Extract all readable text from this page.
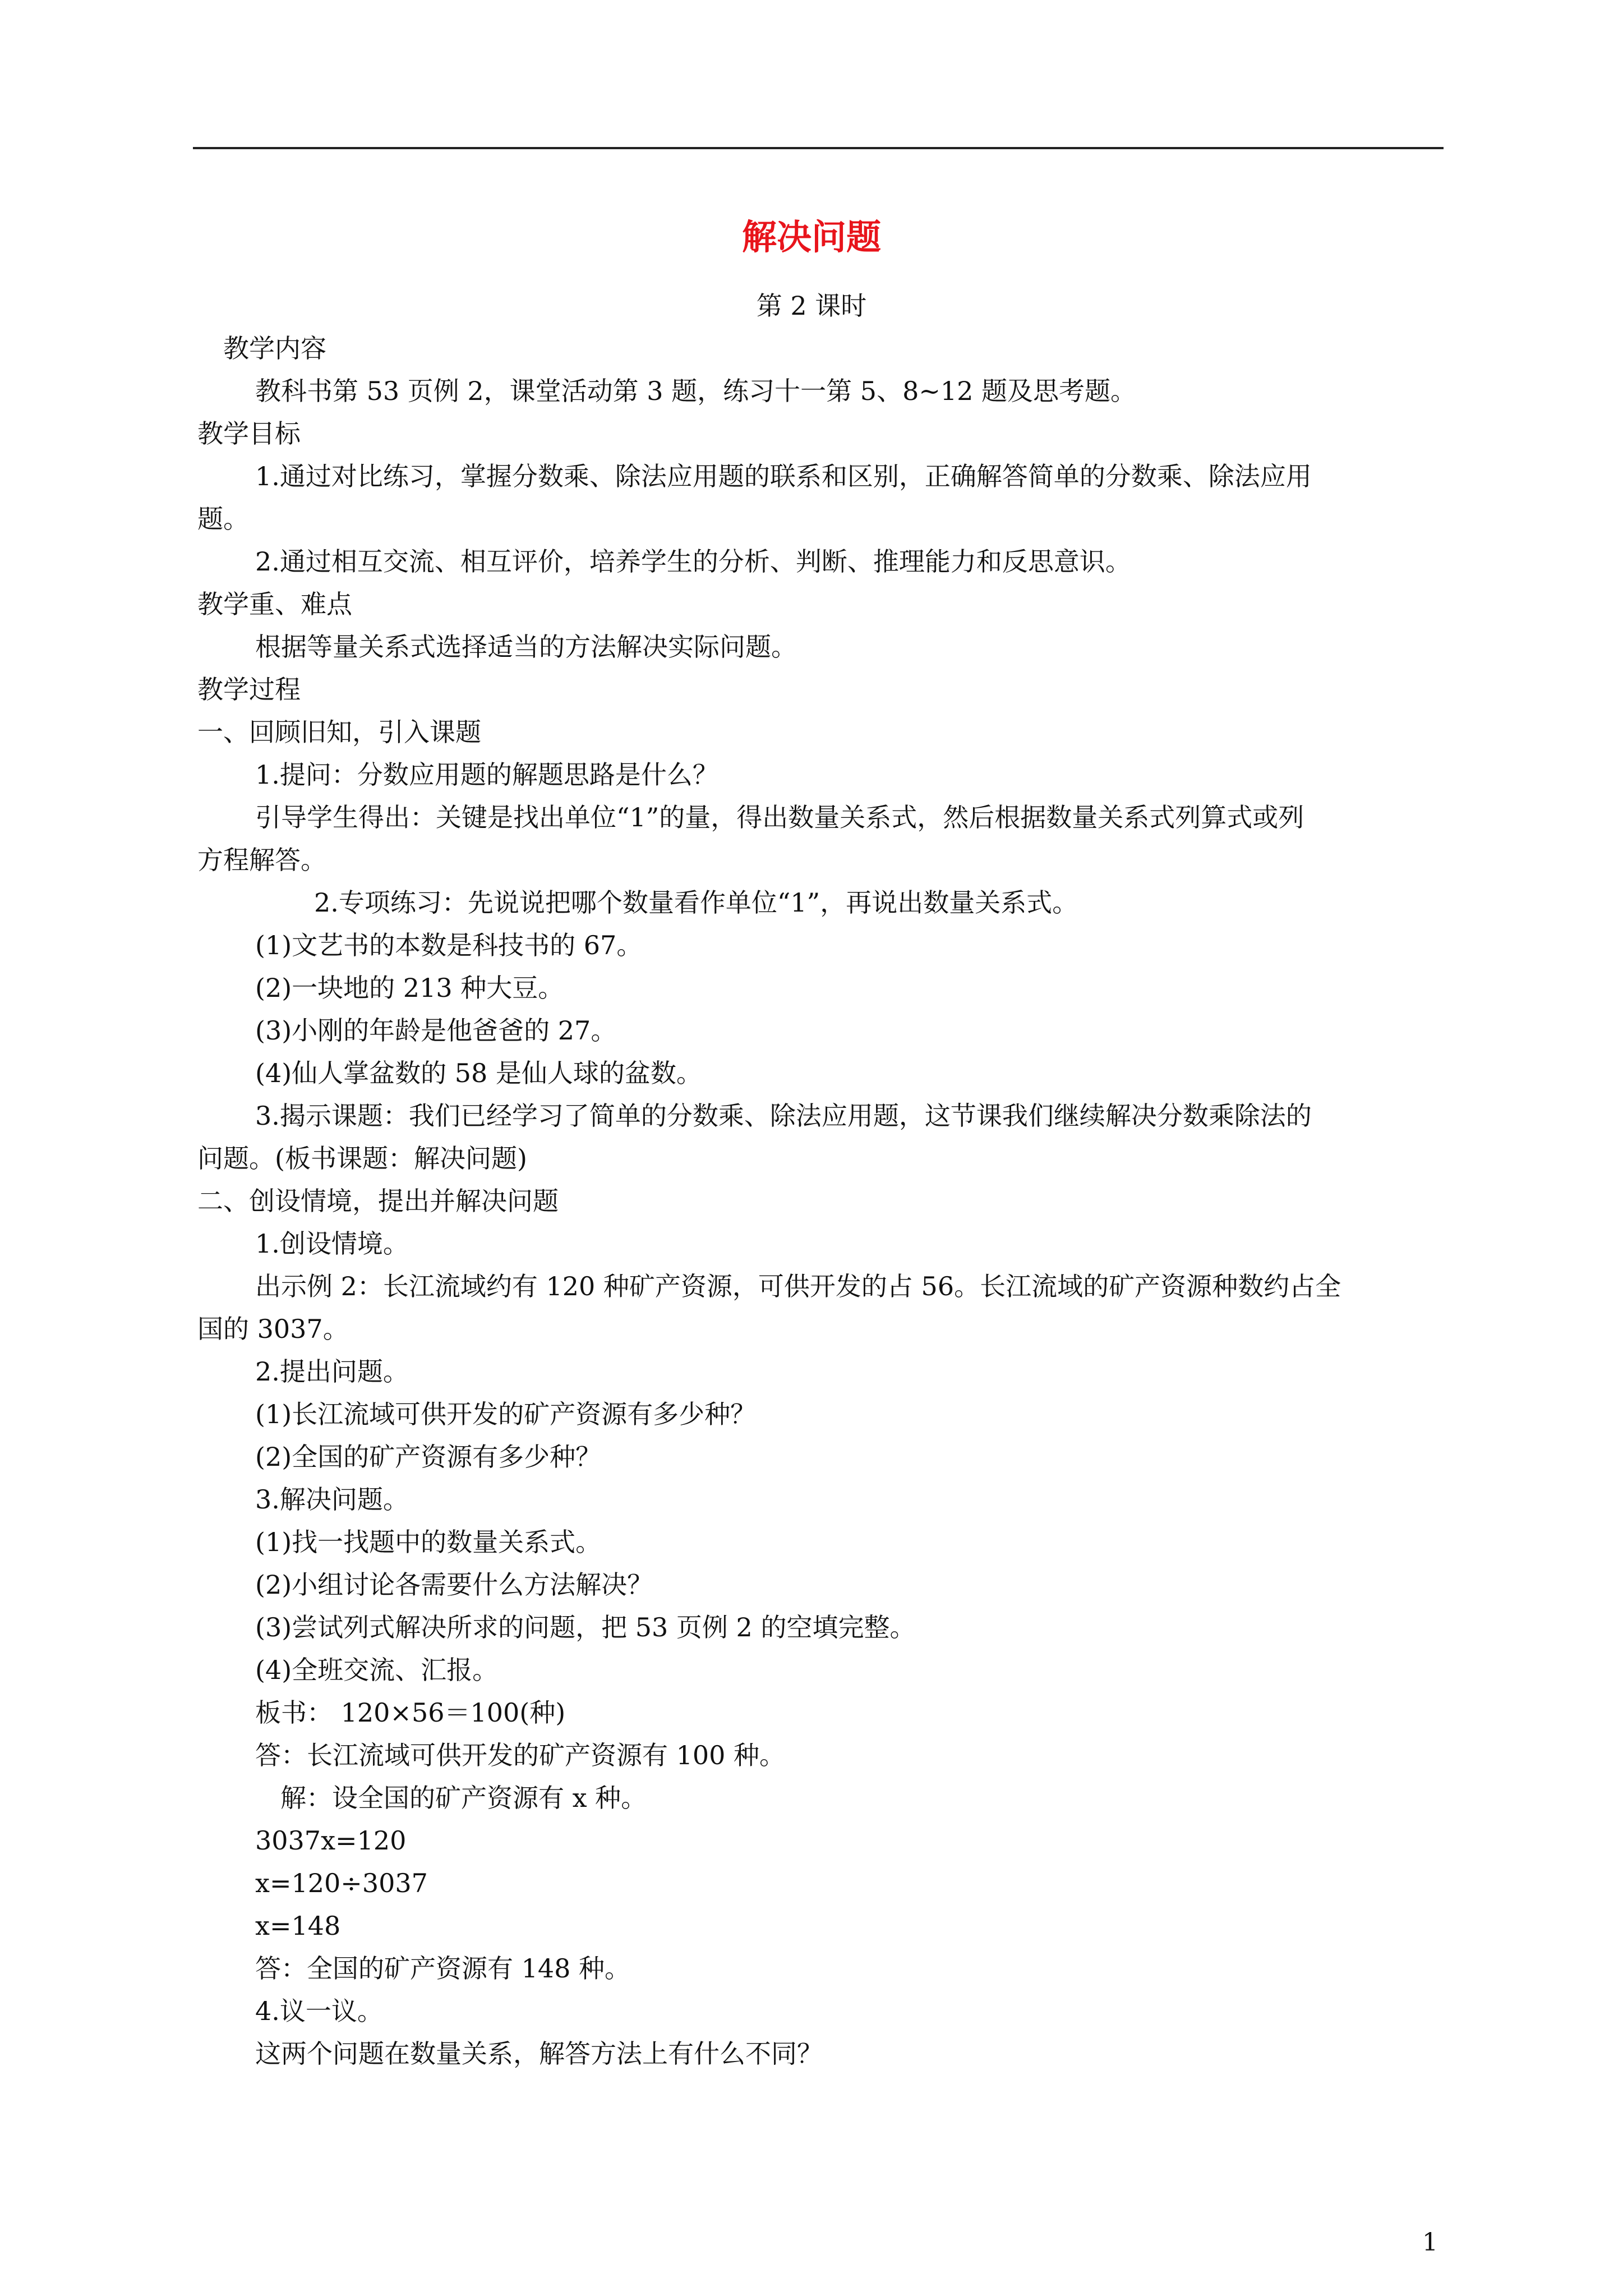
解决问题
第 2 课时
教学内容
教科书第 53 页例 2，课堂活动第 3 题，练习十一第 5、8~12 题及思考题。
教学目标
1.通过对比练习，掌握分数乘、除法应用题的联系和区别，正确解答简单的分数乘、除法应用
题。
2.通过相互交流、相互评价，培养学生的分析、判断、推理能力和反思意识。
教学重、难点
根据等量关系式选择适当的方法解决实际问题。
教学过程
一、回顾旧知，引入课题
1.提问：分数应用题的解题思路是什么？
引导学生得出：关键是找出单位“1”的量，得出数量关系式，然后根据数量关系式列算式或列
方程解答。
2.专项练习：先说说把哪个数量看作单位“1”，再说出数量关系式。
(1)文艺书的本数是科技书的 67。
(2)一块地的 213 种大豆。
(3)小刚的年龄是他爸爸的 27。
(4)仙人掌盆数的 58 是仙人球的盆数。
3.揭示课题：我们已经学习了简单的分数乘、除法应用题，这节课我们继续解决分数乘除法的
问题。(板书课题：解决问题)
二、创设情境，提出并解决问题
1.创设情境。
出示例 2：长江流域约有 120 种矿产资源，可供开发的占 56。长江流域的矿产资源种数约占全
国的 3037。
2.提出问题。
(1)长江流域可供开发的矿产资源有多少种？
(2)全国的矿产资源有多少种？
3.解决问题。
(1)找一找题中的数量关系式。
(2)小组讨论各需要什么方法解决？
(3)尝试列式解决所求的问题，把 53 页例 2 的空填完整。
(4)全班交流、汇报。
板书： 120×56＝100(种)
答：长江流域可供开发的矿产资源有 100 种。
解：设全国的矿产资源有 x 种。
3037x=120
x=120÷3037
x=148
答：全国的矿产资源有 148 种。
4.议一议。
这两个问题在数量关系，解答方法上有什么不同？
1
